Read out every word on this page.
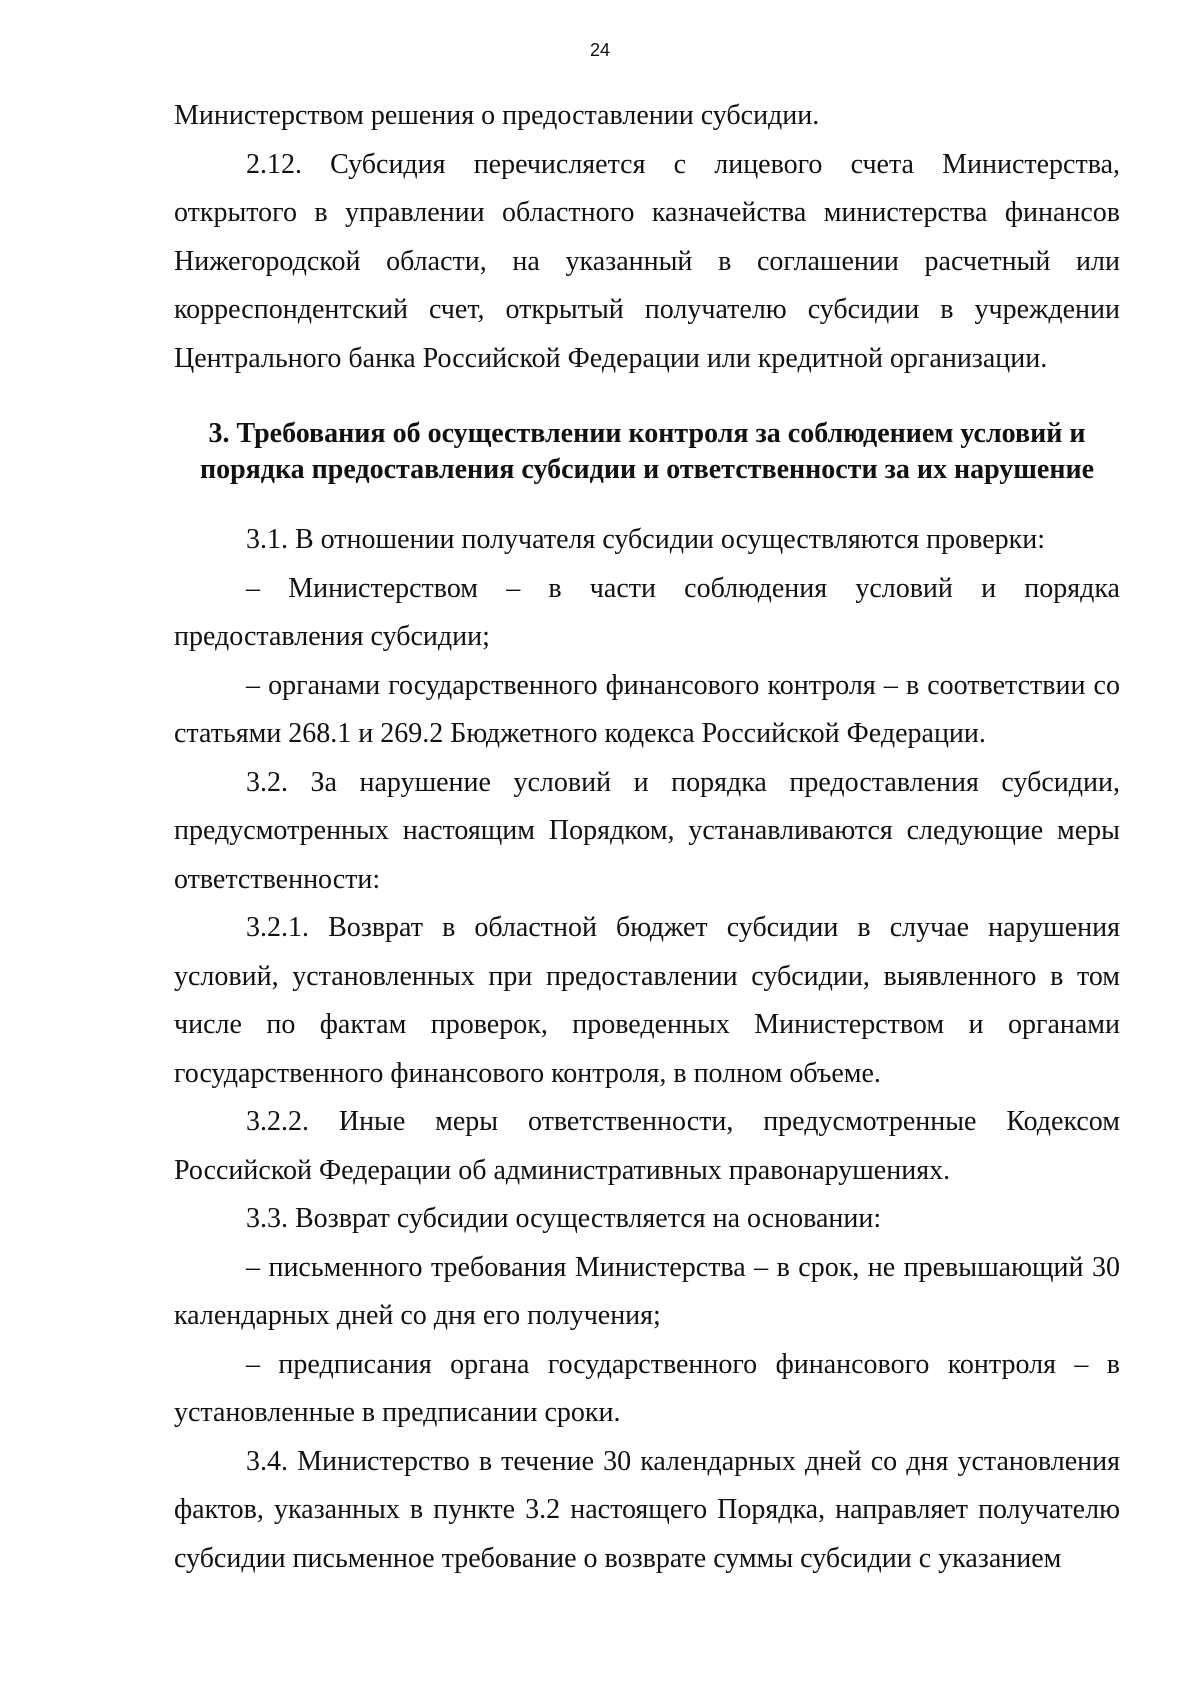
24

Министерством решения о предоставлении субсидии.

2.12. Субсидия перечисляется с лицевого счета Министерства, открытого в управлении областного казначейства министерства финансов Нижегородской области, на указанный в соглашении расчетный или корреспондентский счет, открытый получателю субсидии в учреждении Центрального банка Российской Федерации или кредитной организации.

3. Требования об осуществлении контроля за соблюдением условий и
порядка предоставления субсидии и ответственности за их нарушение

3.1. В отношении получателя субсидии осуществляются проверки:

– Министерством – в части соблюдения условий и порядка предоставления субсидии;

– органами государственного финансового контроля – в соответствии со статьями 268.1 и 269.2 Бюджетного кодекса Российской Федерации.

3.2. За нарушение условий и порядка предоставления субсидии, предусмотренных настоящим Порядком, устанавливаются следующие меры ответственности:

3.2.1. Возврат в областной бюджет субсидии в случае нарушения условий, установленных при предоставлении субсидии, выявленного в том числе по фактам проверок, проведенных Министерством и органами государственного финансового контроля, в полном объеме.

3.2.2. Иные меры ответственности, предусмотренные Кодексом Российской Федерации об административных правонарушениях.

3.3. Возврат субсидии осуществляется на основании:

– письменного требования Министерства – в срок, не превышающий 30 календарных дней со дня его получения;

– предписания органа государственного финансового контроля – в установленные в предписании сроки.

3.4. Министерство в течение 30 календарных дней со дня установления фактов, указанных в пункте 3.2 настоящего Порядка, направляет получателю субсидии письменное требование о возврате суммы субсидии с указанием
